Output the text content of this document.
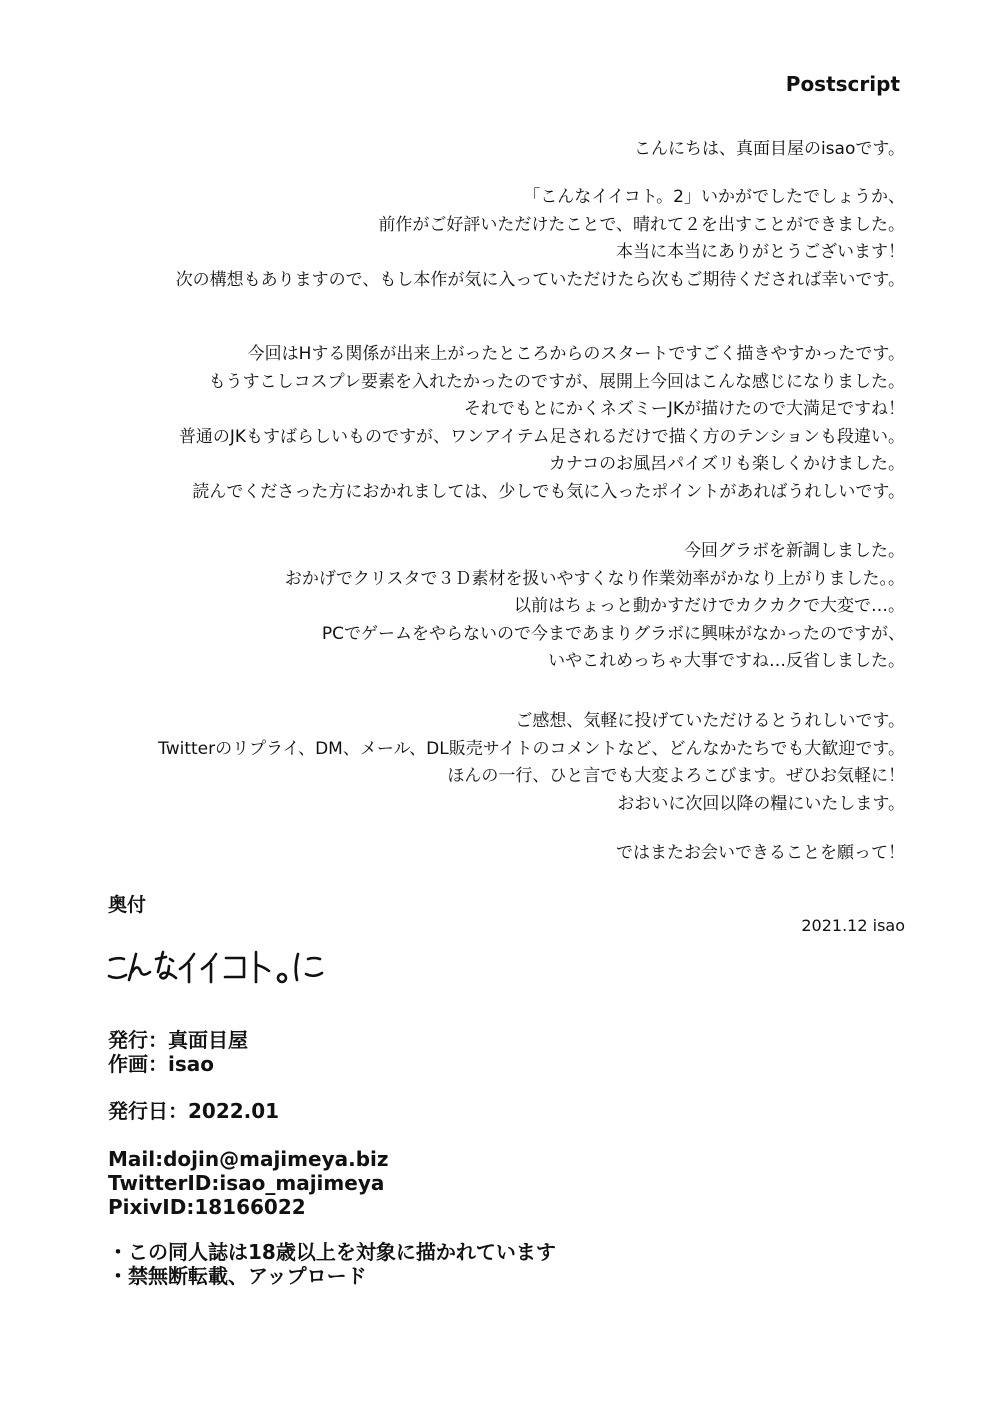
Postscript
こんにちは、真面目屋のisaoです。
「こんなイイコト。2」いかがでしたでしょうか、
前作がご好評いただけたことで、晴れて２を出すことができました。
本当に本当にありがとうございます！
次の構想もありますので、もし本作が気に入っていただけたら次もご期待くだされば幸いです。
今回はHする関係が出来上がったところからのスタートですごく描きやすかったです。
もうすこしコスプレ要素を入れたかったのですが、展開上今回はこんな感じになりました。
それでもとにかくネズミーJKが描けたので大満足ですね！
普通のJKもすばらしいものですが、ワンアイテム足されるだけで描く方のテンションも段違い。
カナコのお風呂パイズリも楽しくかけました。
読んでくださった方におかれましては、少しでも気に入ったポイントがあればうれしいです。
今回グラボを新調しました。
おかげでクリスタで３Ｄ素材を扱いやすくなり作業効率がかなり上がりました。。
以前はちょっと動かすだけでカクカクで大変で…。
PCでゲームをやらないので今まであまりグラボに興味がなかったのですが、
いやこれめっちゃ大事ですね…反省しました。
ご感想、気軽に投げていただけるとうれしいです。
Twitterのリプライ、DM、メール、DL販売サイトのコメントなど、どんなかたちでも大歓迎です。
ほんの一行、ひと言でも大変よろこびます。ぜひお気軽に！
おおいに次回以降の糧にいたします。
ではまたお会いできることを願って！
奥付
2021.12 isao
発行：真面目屋
作画：isao
発行日：2022.01
Mail:dojin@majimeya.biz
TwitterID:isao_majimeya
PixivID:18166022
・この同人誌は18歳以上を対象に描かれています
・禁無断転載、アップロード
